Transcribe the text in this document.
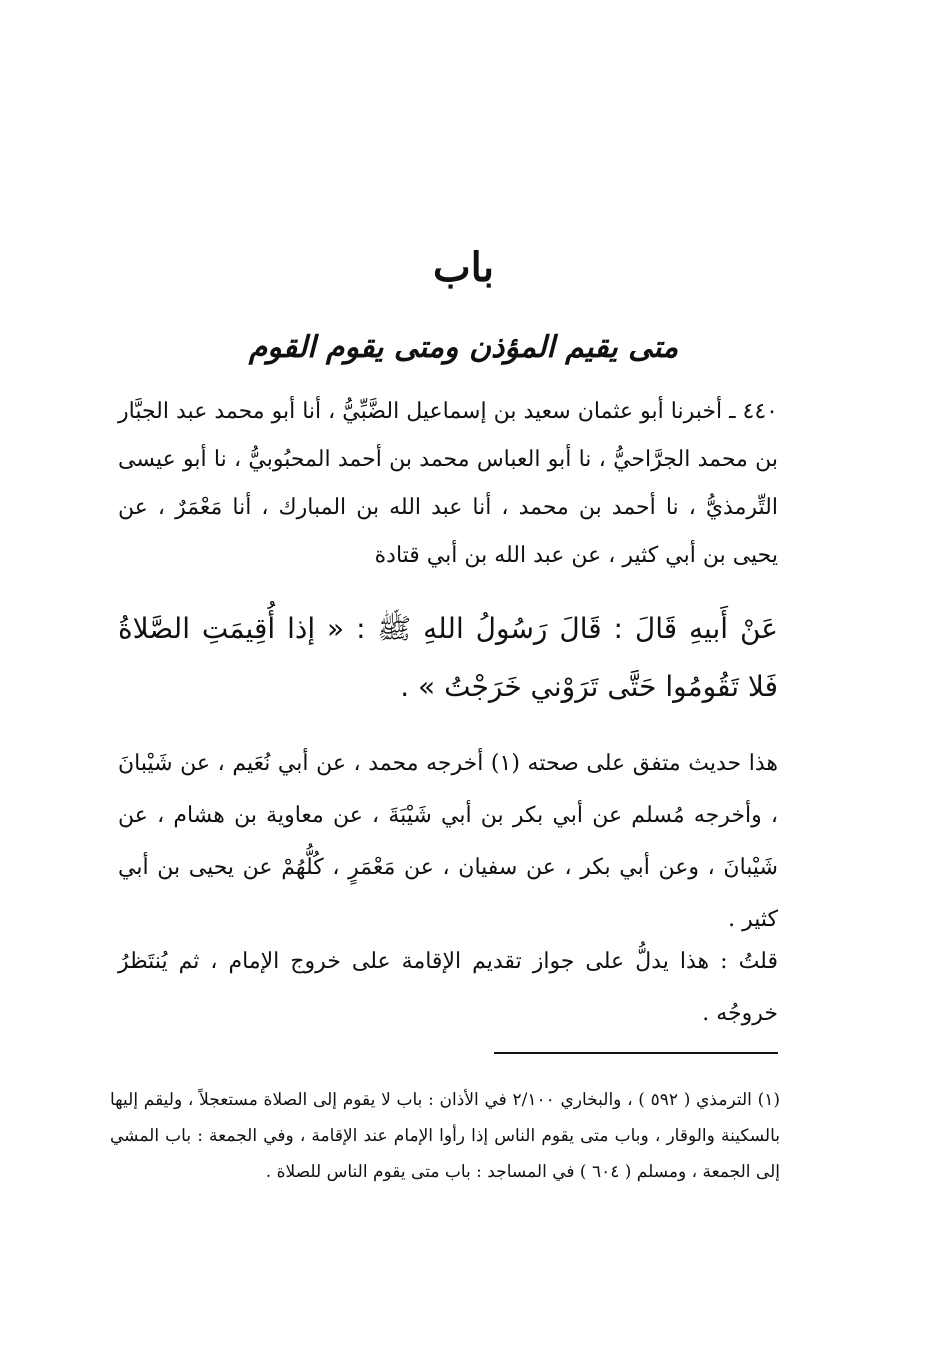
باب
متى يقيم المؤذن ومتى يقوم القوم
٤٤٠ ـ أخبرنا أبو عثمان سعيد بن إسماعيل الضَّبِّيُّ ، أنا أبو محمد عبد الجبَّار بن محمد الجرَّاحيُّ ، نا أبو العباس محمد بن أحمد المحبُوبيُّ ، نا أبو عيسى التِّرمذيُّ ، نا أحمد بن محمد ، أنا عبد الله بن المبارك ، أنا مَعْمَرٌ ، عن يحيى بن أبي كثير ، عن عبد الله بن أبي قتادة
عَنْ أَبيهِ قَالَ : قَالَ رَسُولُ اللهِ ﷺ : « إذا أُقِيمَتِ الصَّلاةُ فَلا تَقُومُوا حَتَّى تَرَوْني خَرَجْتُ » .
هذا حديث متفق على صحته (١) أخرجه محمد ، عن أبي نُعَيم ، عن شَيْبانَ ، وأخرجه مُسلم عن أبي بكر بن أبي شَيْبَةَ ، عن معاوية بن هشام ، عن شَيْبانَ ، وعن أبي بكر ، عن سفيان ، عن مَعْمَرٍ ، كُلُّهُمْ عن يحيى بن أبي كثير .
قلتُ : هذا يدلُّ على جواز تقديم الإقامة على خروج الإمام ، ثم يُنتَظرُ خروجُه .
(١) الترمذي ( ٥٩٢ ) ، والبخاري ٢/١٠٠ في الأذان : باب لا يقوم إلى الصلاة مستعجلاً ، وليقم إليها بالسكينة والوقار ، وباب متى يقوم الناس إذا رأوا الإمام عند الإقامة ، وفي الجمعة : باب المشي إلى الجمعة ، ومسلم ( ٦٠٤ ) في المساجد : باب متى يقوم الناس للصلاة .
